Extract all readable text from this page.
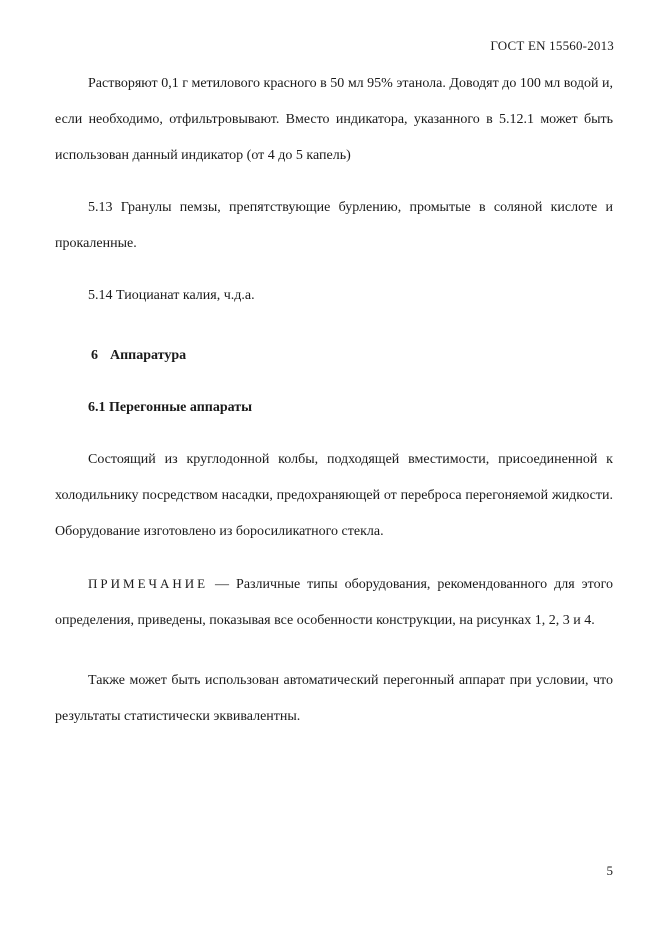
ГОСТ EN 15560-2013

Растворяют 0,1 г метилового красного в 50 мл 95% этанола. Доводят до 100 мл водой и, если необходимо, отфильтровывают. Вместо индикатора, указанного в 5.12.1 может быть использован данный индикатор (от 4 до 5 капель)

5.13 Гранулы пемзы, препятствующие бурлению, промытые в соляной кислоте и прокаленные.

5.14 Тиоцианат калия, ч.д.а.

6 Аппаратура

6.1 Перегонные аппараты

Состоящий из круглодонной колбы, подходящей вместимости, присоединенной к холодильнику посредством насадки, предохраняющей от переброса перегоняемой жидкости. Оборудование изготовлено из боросиликатного стекла.

ПРИМЕЧАНИЕ — Различные типы оборудования, рекомендованного для этого определения, приведены, показывая все особенности конструкции, на рисунках 1, 2, 3 и 4.

Также может быть использован автоматический перегонный аппарат при условии, что результаты статистически эквивалентны.

5
